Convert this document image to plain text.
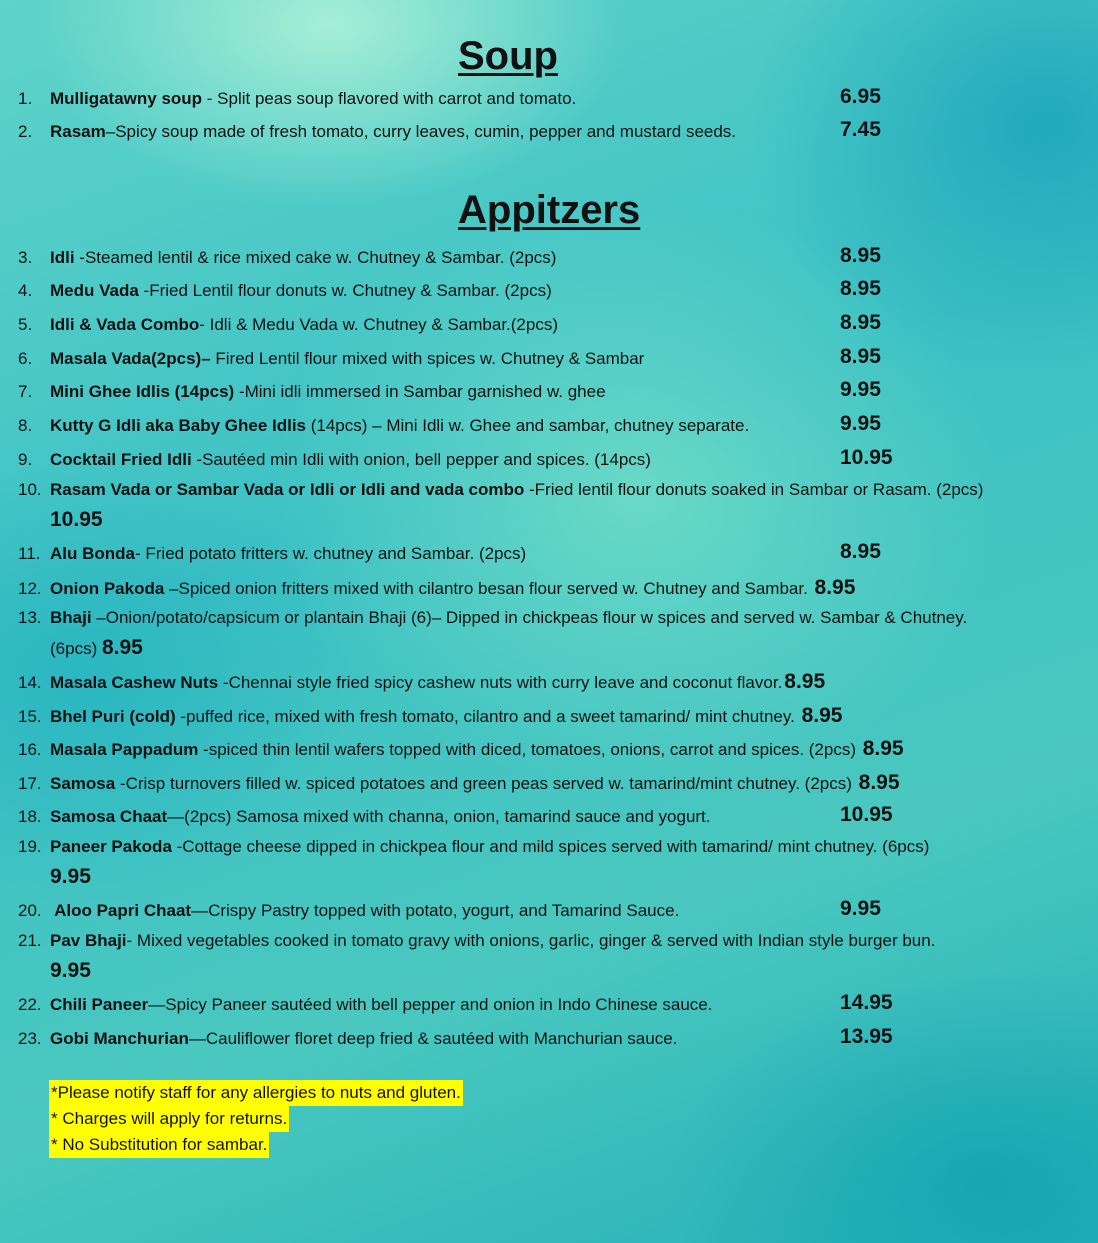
Soup
1. Mulligatawny soup - Split peas soup flavored with carrot and tomato.	6.95
2. Rasam–Spicy soup made of fresh tomato, curry leaves, cumin, pepper and mustard seeds.	7.45
Appitzers
3. Idli -Steamed lentil & rice mixed cake w. Chutney & Sambar. (2pcs)	8.95
4. Medu Vada -Fried Lentil flour donuts w. Chutney & Sambar. (2pcs)	8.95
5. Idli & Vada Combo- Idli & Medu Vada w. Chutney & Sambar.(2pcs)	8.95
6. Masala Vada(2pcs)– Fired Lentil flour mixed with spices w. Chutney & Sambar	8.95
7. Mini Ghee Idlis (14pcs) -Mini idli immersed in Sambar garnished w. ghee	9.95
8. Kutty G Idli aka Baby Ghee Idlis (14pcs) – Mini Idli w. Ghee and sambar, chutney separate.	9.95
9. Cocktail Fried Idli -Sautéed min Idli with onion, bell pepper and spices. (14pcs)	10.95
10. Rasam Vada or Sambar Vada or Idli or Idli and vada combo -Fried lentil flour donuts soaked in Sambar or Rasam. (2pcs)
10.95
11. Alu Bonda- Fried potato fritters w. chutney and Sambar. (2pcs)	8.95
12. Onion Pakoda –Spiced onion fritters mixed with cilantro besan flour served w. Chutney and Sambar. 8.95
13. Bhaji –Onion/potato/capsicum or plantain Bhaji (6)– Dipped in chickpeas flour w spices and served w. Sambar & Chutney.
(6pcs) 8.95
14. Masala Cashew Nuts -Chennai style fried spicy cashew nuts with curry leave and coconut flavor.8.95
15. Bhel Puri (cold) -puffed rice, mixed with fresh tomato, cilantro and a sweet tamarind/ mint chutney. 8.95
16. Masala Pappadum -spiced thin lentil wafers topped with diced, tomatoes, onions, carrot and spices. (2pcs) 8.95
17. Samosa -Crisp turnovers filled w. spiced potatoes and green peas served w. tamarind/mint chutney. (2pcs) 8.95
18. Samosa Chaat—(2pcs) Samosa mixed with channa, onion, tamarind sauce and yogurt.	10.95
19. Paneer Pakoda -Cottage cheese dipped in chickpea flour and mild spices served with tamarind/ mint chutney. (6pcs)
9.95
20. Aloo Papri Chaat—Crispy Pastry topped with potato, yogurt, and Tamarind Sauce.	9.95
21. Pav Bhaji- Mixed vegetables cooked in tomato gravy with onions, garlic, ginger & served with Indian style burger bun.
9.95
22. Chili Paneer—Spicy Paneer sautéed with bell pepper and onion in Indo Chinese sauce.	14.95
23. Gobi Manchurian—Cauliflower floret deep fried & sautéed with Manchurian sauce.	13.95
*Please notify staff for any allergies to nuts and gluten.
* Charges will apply for returns.
* No Substitution for sambar.
